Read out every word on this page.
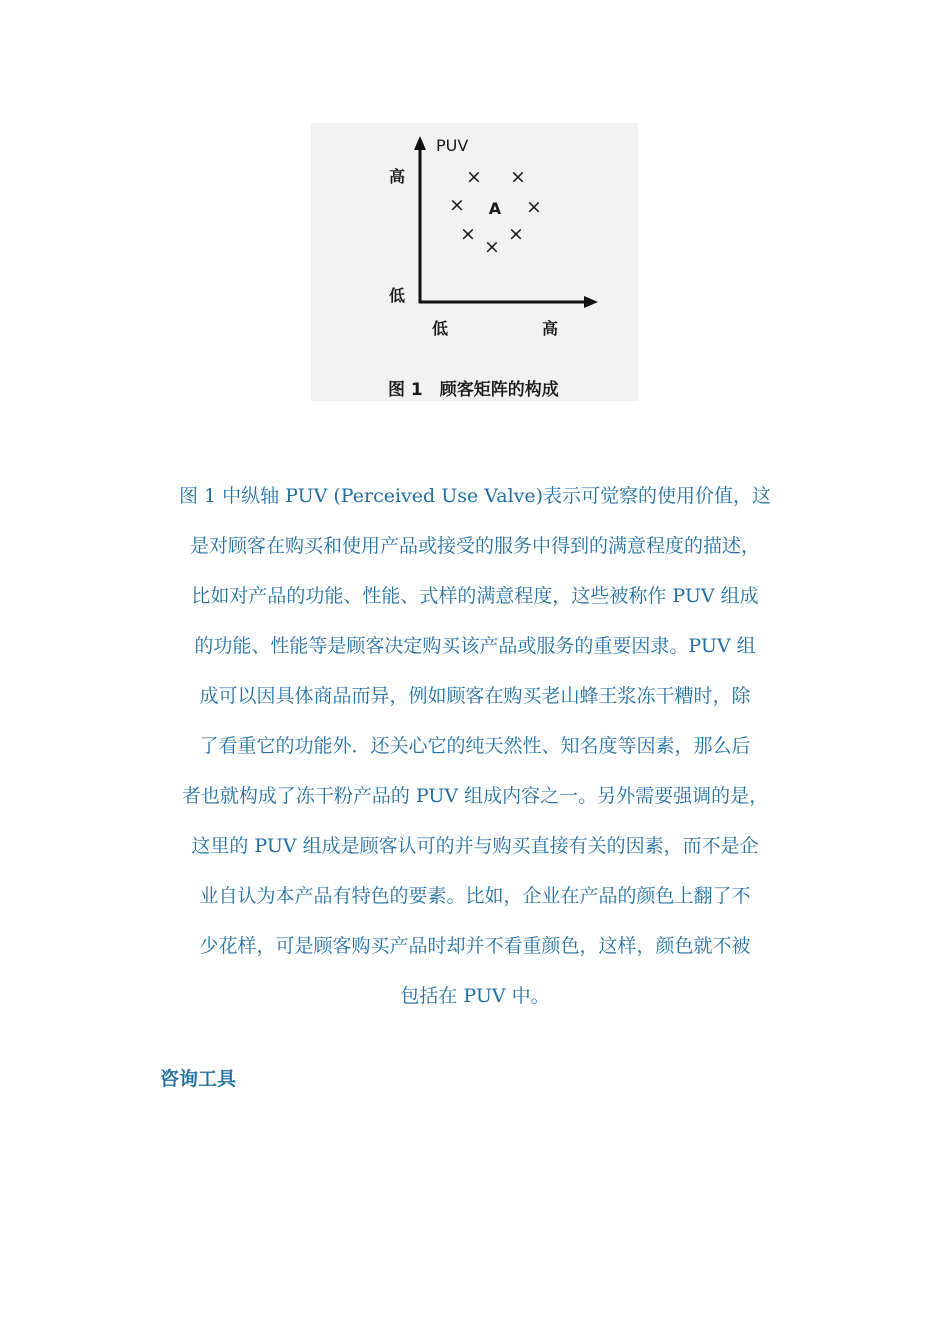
PUV
高
低
低	高
× ×
× A ×
× ×
×
图 1　顾客矩阵的构成
图 1 中纵轴 PUV (Perceived Use Valve)表示可觉察的使用价值，这
是对顾客在购买和使用产品或接受的服务中得到的满意程度的描述，
比如对产品的功能、性能、式样的满意程度，这些被称作 PUV 组成
的功能、性能等是顾客决定购买该产品或服务的重要因隶。PUV 组
成可以因具体商品而异，例如顾客在购买老山蜂王浆冻干糟时，除
了看重它的功能外．还关心它的纯天然性、知名度等因素，那么后
者也就构成了冻干粉产品的 PUV 组成内容之一。另外需要强调的是，
这里的 PUV 组成是顾客认可的并与购买直接有关的因素，而不是企
业自认为本产品有特色的要素。比如，企业在产品的颜色上翻了不
少花样，可是顾客购买产品时却并不看重颜色，这样，颜色就不被
包括在 PUV 中。
咨询工具
